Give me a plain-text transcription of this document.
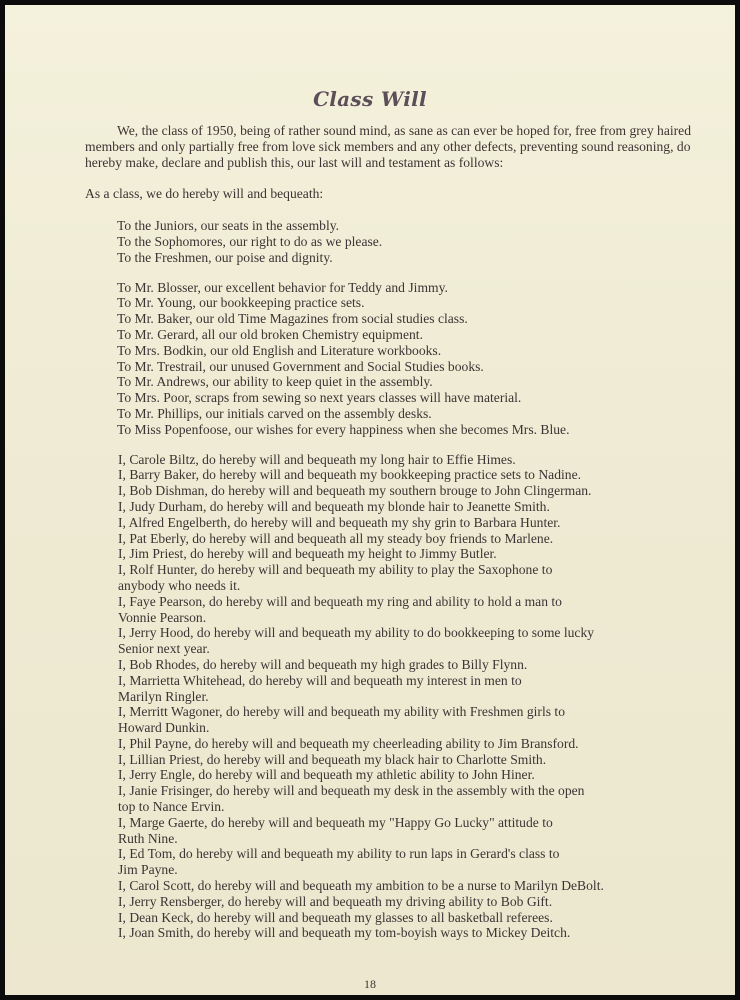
Class Will

We, the class of 1950, being of rather sound mind, as sane as can ever be hoped for, free from grey haired members and only partially free from love sick members and any other defects, preventing sound reasoning, do hereby make, declare and publish this, our last will and testament as follows:

As a class, we do hereby will and bequeath:

To the Juniors, our seats in the assembly.
To the Sophomores, our right to do as we please.
To the Freshmen, our poise and dignity.
To Mr. Blosser, our excellent behavior for Teddy and Jimmy.
To Mr. Young, our bookkeeping practice sets.
To Mr. Baker, our old Time Magazines from social studies class.
To Mr. Gerard, all our old broken Chemistry equipment.
To Mrs. Bodkin, our old English and Literature workbooks.
To Mr. Trestrail, our unused Government and Social Studies books.
To Mr. Andrews, our ability to keep quiet in the assembly.
To Mrs. Poor, scraps from sewing so next years classes will have material.
To Mr. Phillips, our initials carved on the assembly desks.
To Miss Popenfoose, our wishes for every happiness when she becomes Mrs. Blue.
I, Carole Biltz, do hereby will and bequeath my long hair to Effie Himes.
I, Barry Baker, do hereby will and bequeath my bookkeeping practice sets to Nadine.
I, Bob Dishman, do hereby will and bequeath my southern brouge to John Clingerman.
I, Judy Durham, do hereby will and bequeath my blonde hair to Jeanette Smith.
I, Alfred Engelberth, do hereby will and bequeath my shy grin to Barbara Hunter.
I, Pat Eberly, do hereby will and bequeath all my steady boy friends to Marlene.
I, Jim Priest, do hereby will and bequeath my height to Jimmy Butler.
I, Rolf Hunter, do hereby will and bequeath my ability to play the Saxophone to
anybody who needs it.
I, Faye Pearson, do hereby will and bequeath my ring and ability to hold a man to
Vonnie Pearson.
I, Jerry Hood, do hereby will and bequeath my ability to do bookkeeping to some lucky
Senior next year.
I, Bob Rhodes, do hereby will and bequeath my high grades to Billy Flynn.
I, Marrietta Whitehead, do hereby will and bequeath my interest in men to
Marilyn Ringler.
I, Merritt Wagoner, do hereby will and bequeath my ability with Freshmen girls to
Howard Dunkin.
I, Phil Payne, do hereby will and bequeath my cheerleading ability to Jim Bransford.
I, Lillian Priest, do hereby will and bequeath my black hair to Charlotte Smith.
I, Jerry Engle, do hereby will and bequeath my athletic ability to John Hiner.
I, Janie Frisinger, do hereby will and bequeath my desk in the assembly with the open
top to Nance Ervin.
I, Marge Gaerte, do hereby will and bequeath my "Happy Go Lucky" attitude to
Ruth Nine.
I, Ed Tom, do hereby will and bequeath my ability to run laps in Gerard's class to
Jim Payne.
I, Carol Scott, do hereby will and bequeath my ambition to be a nurse to Marilyn DeBolt.
I, Jerry Rensberger, do hereby will and bequeath my driving ability to Bob Gift.
I, Dean Keck, do hereby will and bequeath my glasses to all basketball referees.
I, Joan Smith, do hereby will and bequeath my tom-boyish ways to Mickey Deitch.
18
